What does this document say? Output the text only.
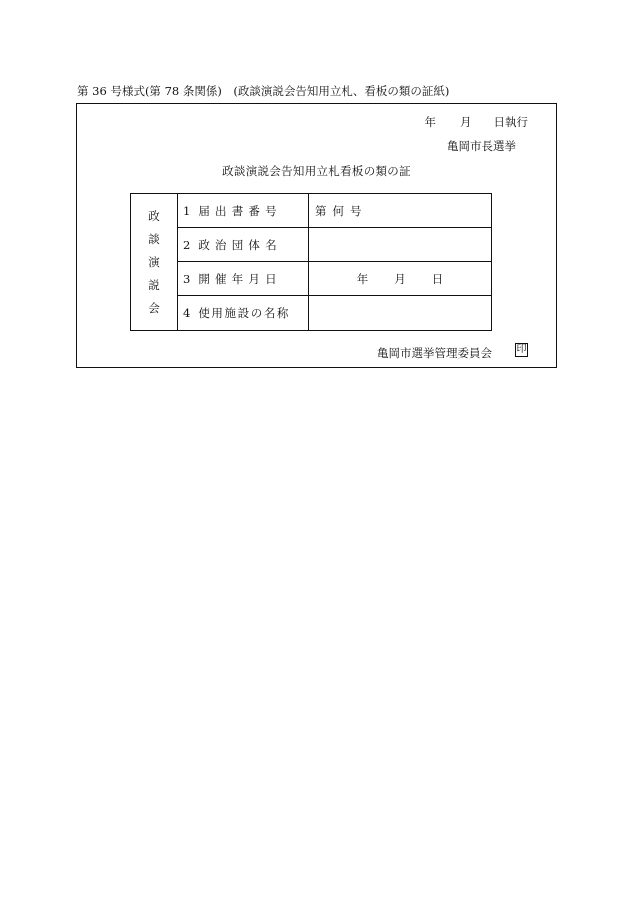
第 36 号様式(第 78 条関係)　(政談演説会告知用立札、看板の類の証紙)
年 月 日執行
亀岡市長選挙
政談演説会告知用立札看板の類の証
政
談
演
説
会
1 届出書番号	第 何 号
2 政治団体名
3 開催年月日	年 月 日
4 使用施設の名称
亀岡市選挙管理委員会 印
